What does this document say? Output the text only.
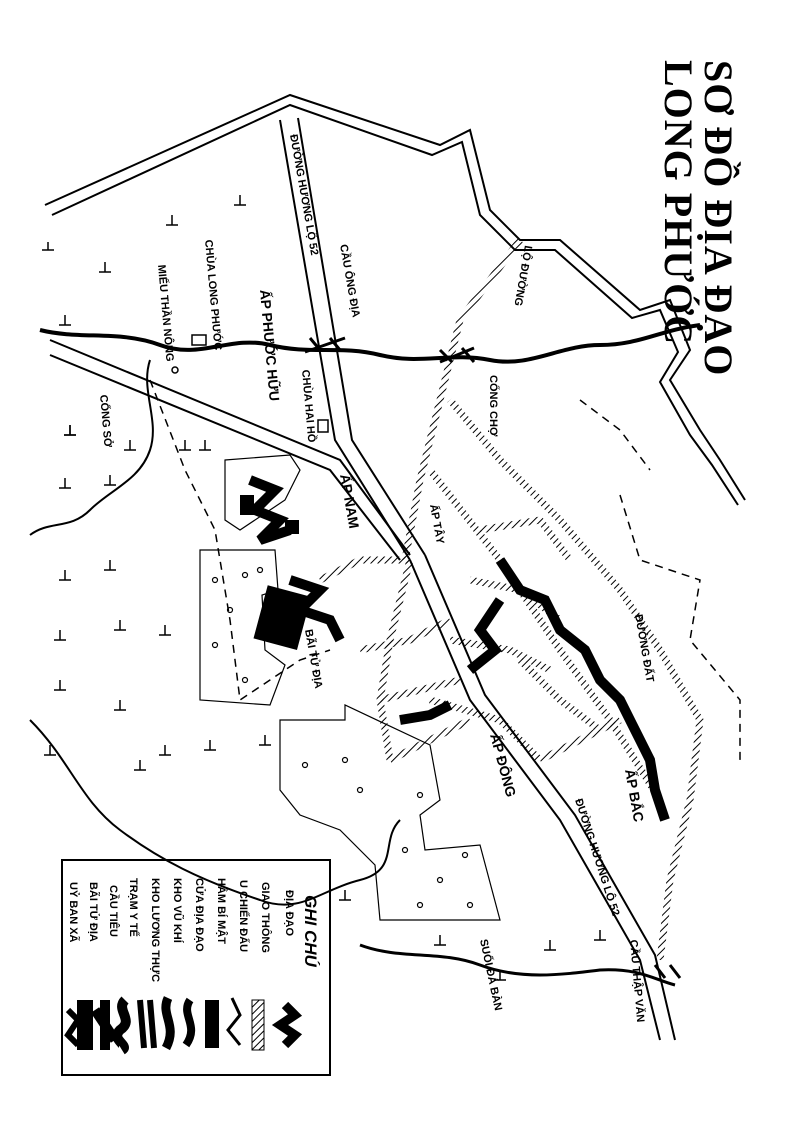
SƠ ĐỒ ĐỊA ĐẠO
LONG PHƯỚC
ĐƯỜNG HƯƠNG LỘ 52
CẦU ÔNG ĐỊA	LỘ ĐƯỜNG
CỔNG CHỢ
CHÙA LONG PHƯỚC
MIẾU THẦN NÔNG	ẤP PHƯỚC HỮU
CHÙA HAI HỒ
CỔNG SỞ
ẤP NAM	ẤP TÂY
BÃI TỬ ĐỊA
ẤP ĐÔNG	ẤP BẮC
ĐƯỜNG ĐẤT
ĐƯỜNG HƯƠNG LỘ 52
SUỐI ĐÁ BÀN	CẦU THẬP VĂN
GHI CHÚ
ĐỊA ĐẠO
GIAO THÔNG
U CHIẾN ĐẤU
HẦM BÍ MẬT
CỬA ĐỊA ĐẠO
KHO VŨ KHÍ
KHO LƯƠNG THỰC
TRẠM Y TẾ
CẦU TIÊU
BÃI TỬ ĐỊA
UỶ BAN XÃ
